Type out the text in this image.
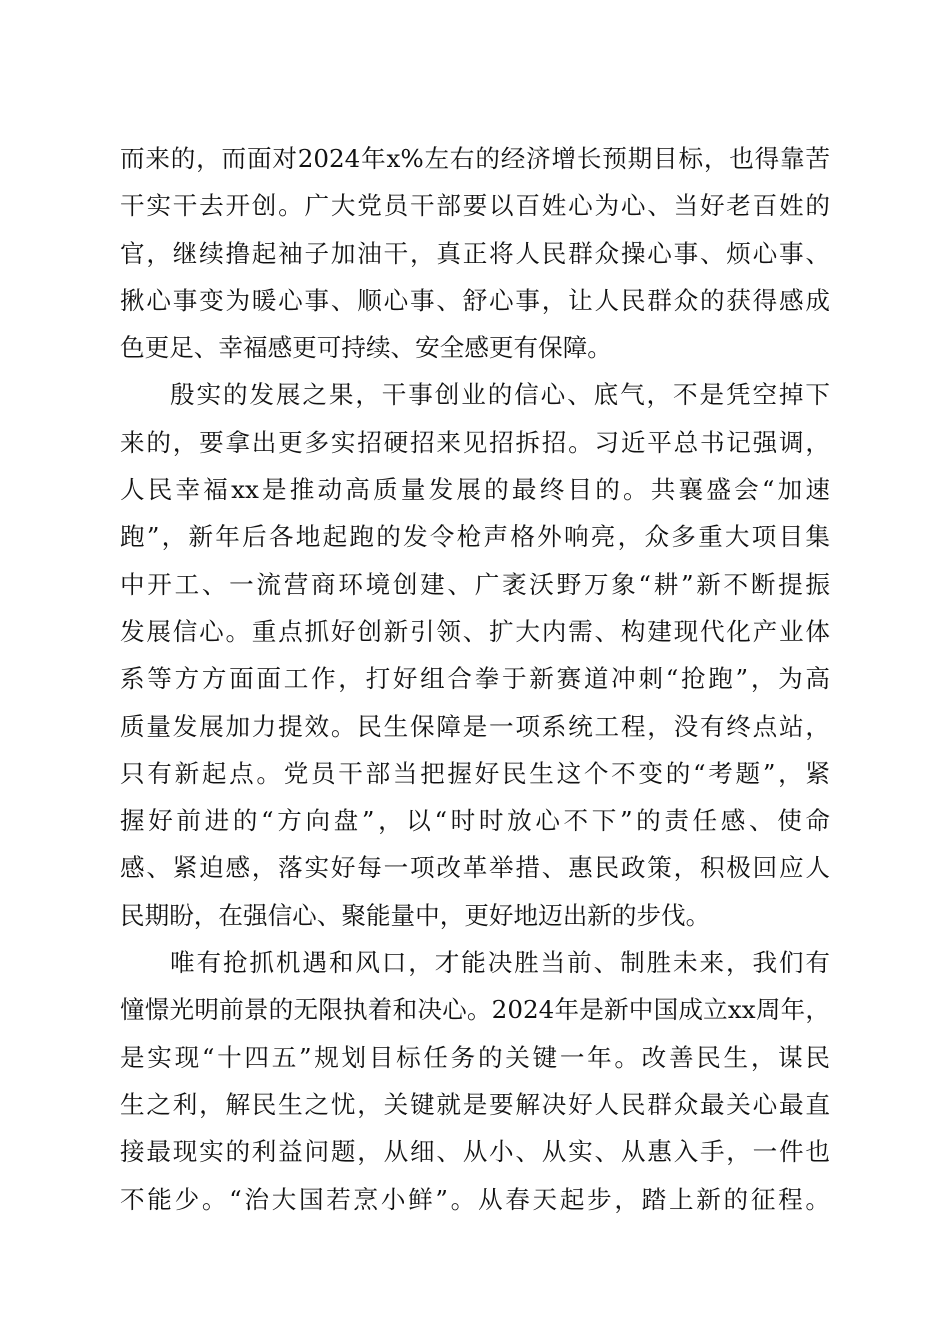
而来的，而面对2024年x%左右的经济增长预期目标，也得靠苦
干实干去开创。广大党员干部要以百姓心为心、当好老百姓的
官，继续撸起袖子加油干，真正将人民群众操心事、烦心事、
揪心事变为暖心事、顺心事、舒心事，让人民群众的获得感成
色更足、幸福感更可持续、安全感更有保障。
殷实的发展之果，干事创业的信心、底气，不是凭空掉下
来的，要拿出更多实招硬招来见招拆招。习近平总书记强调，
人民幸福xx是推动高质量发展的最终目的。共襄盛会“加速
跑”，新年后各地起跑的发令枪声格外响亮，众多重大项目集
中开工、一流营商环境创建、广袤沃野万象“耕”新不断提振
发展信心。重点抓好创新引领、扩大内需、构建现代化产业体
系等方方面面工作，打好组合拳于新赛道冲刺“抢跑”，为高
质量发展加力提效。民生保障是一项系统工程，没有终点站，
只有新起点。党员干部当把握好民生这个不变的“考题”，紧
握好前进的“方向盘”，以“时时放心不下”的责任感、使命
感、紧迫感，落实好每一项改革举措、惠民政策，积极回应人
民期盼，在强信心、聚能量中，更好地迈出新的步伐。
唯有抢抓机遇和风口，才能决胜当前、制胜未来，我们有
憧憬光明前景的无限执着和决心。2024年是新中国成立xx周年，
是实现“十四五”规划目标任务的关键一年。改善民生，谋民
生之利，解民生之忧，关键就是要解决好人民群众最关心最直
接最现实的利益问题，从细、从小、从实、从惠入手，一件也
不能少。“治大国若烹小鲜”。从春天起步，踏上新的征程。
